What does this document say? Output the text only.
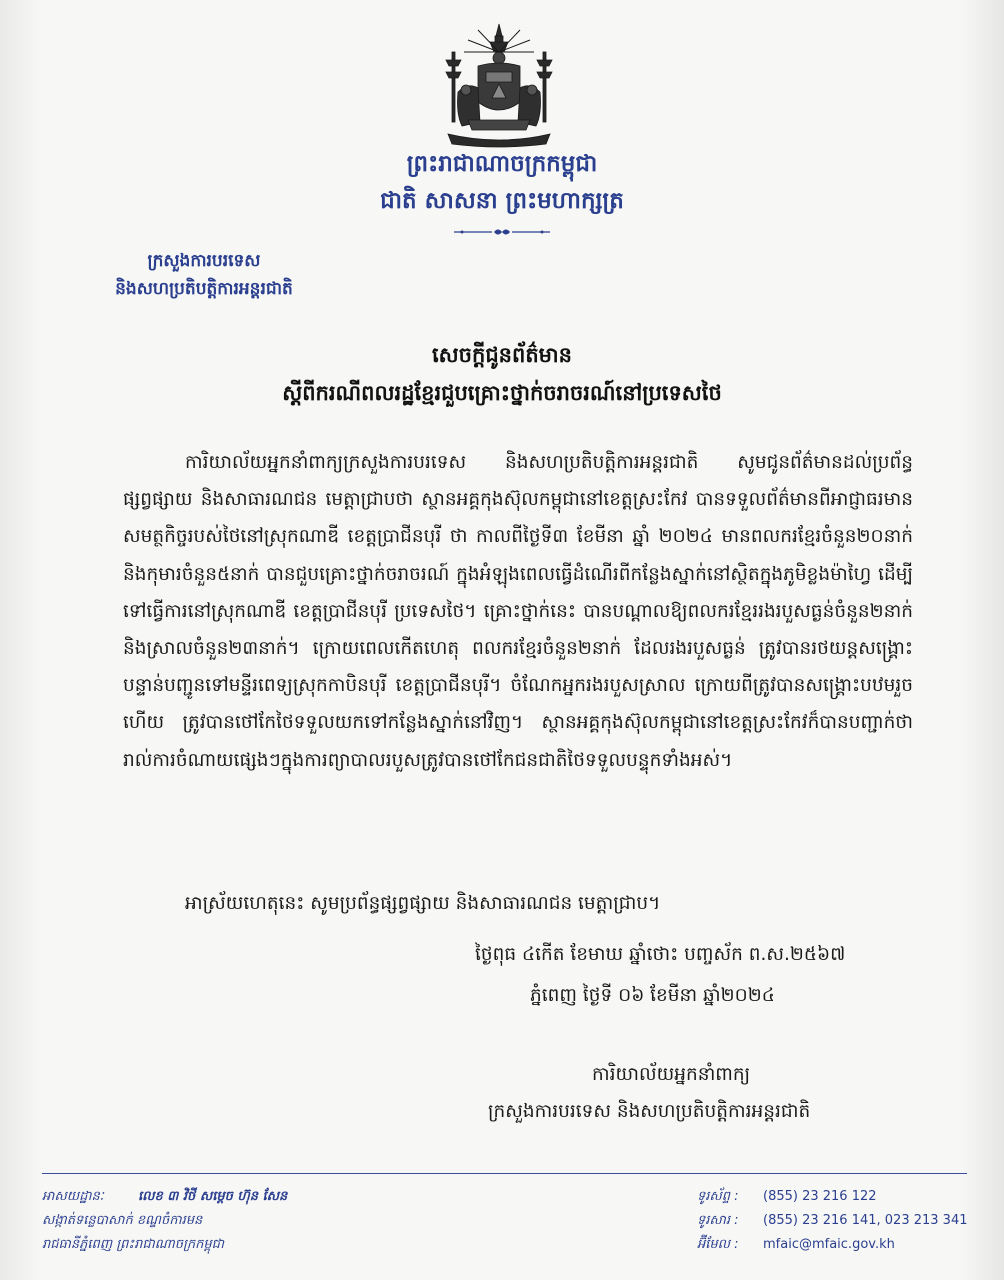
ព្រះរាជាណាចក្រកម្ពុជា
ជាតិ សាសនា ព្រះមហាក្សត្រ
ក្រសួងការបរទេស
និងសហប្រតិបត្តិការអន្តរជាតិ
សេចក្តីជូនព័ត៌មាន
ស្តីពីករណីពលរដ្ឋខ្មែរជួបគ្រោះថ្នាក់ចរាចរណ៍នៅប្រទេសថៃ

ការិយាល័យអ្នកនាំពាក្យក្រសួងការបរទេស និងសហប្រតិបត្តិការអន្តរជាតិ សូមជូនព័ត៌មានដល់ប្រព័ន្ធផ្សព្វផ្សាយ និងសាធារណជន មេត្តាជ្រាបថា ស្ថានអគ្គកុងស៊ុលកម្ពុជានៅខេត្តស្រះកែវ បានទទួលព័ត៌មានពីអាជ្ញាធរមានសមត្ថកិច្ចរបស់ថៃនៅស្រុកណាឌី ខេត្តប្រាជីនបុរី ថា កាលពីថ្ងៃទី៣ ខែមីនា ឆ្នាំ ២០២៤ មានពលករខ្មែរចំនួន២០នាក់ និងកុមារចំនួន៥នាក់ បានជួបគ្រោះថ្នាក់ចរាចរណ៍ ក្នុងអំឡុងពេលធ្វើដំណើរពីកន្លែងស្នាក់នៅស្ថិតក្នុងភូមិខ្លងម៉ាហ្វៃ ដើម្បីទៅធ្វើការនៅស្រុកណាឌី ខេត្តប្រាជីនបុរី ប្រទេសថៃ។ គ្រោះថ្នាក់នេះ បានបណ្តាលឱ្យពលករខ្មែររងរបួសធ្ងន់ចំនួន២នាក់ និងស្រាលចំនួន២៣នាក់។ ក្រោយពេលកើតហេតុ ពលករខ្មែរចំនួន២នាក់ ដែលរងរបួសធ្ងន់ ត្រូវបានរថយន្តសង្គ្រោះបន្ទាន់បញ្ជូនទៅមន្ទីរពេទ្យស្រុកកាបិនបុរី ខេត្តប្រាជីនបុរី។ ចំណែកអ្នករងរបួសស្រាល ក្រោយពីត្រូវបានសង្គ្រោះបឋមរួចហើយ ត្រូវបានថៅកែថៃទទួលយកទៅកន្លែងស្នាក់នៅវិញ។ ស្ថានអគ្គកុងស៊ុលកម្ពុជានៅខេត្តស្រះកែវក៏បានបញ្ជាក់ថា រាល់ការចំណាយផ្សេងៗក្នុងការព្យាបាលរបួសត្រូវបានថៅកែជនជាតិថៃទទួលបន្ទុកទាំងអស់។

អាស្រ័យហេតុនេះ សូមប្រព័ន្ធផ្សព្វផ្សាយ និងសាធារណជន មេត្តាជ្រាប។
ថ្ងៃពុធ ៤កើត ខែមាឃ ឆ្នាំថោះ បញ្ចស័ក ព.ស.២៥៦៧
ភ្នំពេញ ថ្ងៃទី ០៦ ខែមីនា ឆ្នាំ២០២៤
ការិយាល័យអ្នកនាំពាក្យ
ក្រសួងការបរទេស និងសហប្រតិបត្តិការអន្តរជាតិ
អាសយដ្ឋានៈ	លេខ ៣ វិថី សម្តេច ហ៊ុន សែន
សង្កាត់ទន្លេបាសាក់ ខណ្ឌចំការមន
រាជធានីភ្នំពេញ ព្រះរាជាណាចក្រកម្ពុជា
ទូរស័ព្ទ : (855) 23 216 122
ទូរសារ : (855) 23 216 141, 023 213 341
អ៊ីមែល : mfaic@mfaic.gov.kh
